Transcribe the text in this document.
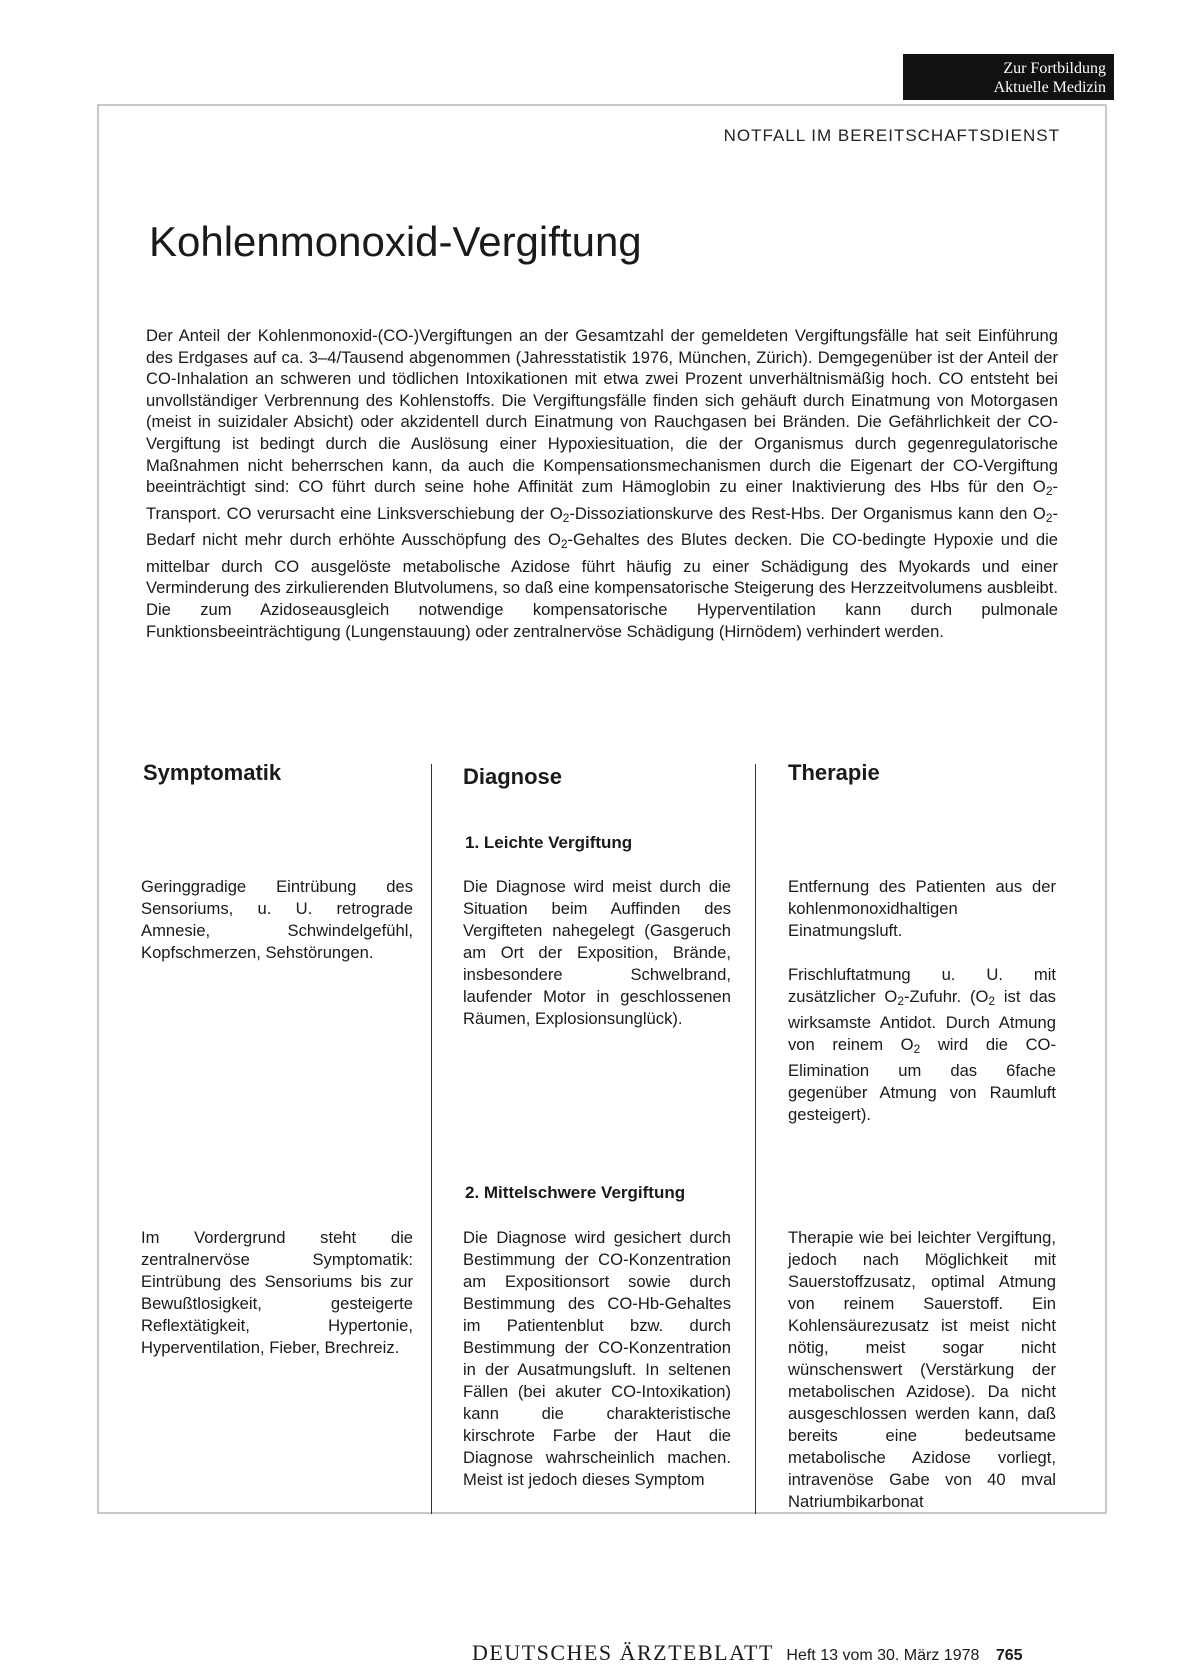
Zur Fortbildung
Aktuelle Medizin
NOTFALL IM BEREITSCHAFTSDIENST
Kohlenmonoxid-Vergiftung

Der Anteil der Kohlenmonoxid-(CO-)Vergiftungen an der Gesamtzahl der gemeldeten Vergiftungsfälle hat seit Einführung des Erdgases auf ca. 3–4/Tausend abgenommen (Jahresstatistik 1976, München, Zürich). Demgegenüber ist der Anteil der CO-Inhalation an schweren und tödlichen Intoxikationen mit etwa zwei Prozent unverhältnismäßig hoch. CO entsteht bei unvollständiger Verbrennung des Kohlenstoffs. Die Vergiftungsfälle finden sich gehäuft durch Einatmung von Motorgasen (meist in suizidaler Absicht) oder akzidentell durch Einatmung von Rauchgasen bei Bränden. Die Gefährlichkeit der CO-Vergiftung ist bedingt durch die Auslösung einer Hypoxiesituation, die der Organismus durch gegenregulatorische Maßnahmen nicht beherrschen kann, da auch die Kompensationsmechanismen durch die Eigenart der CO-Vergiftung beeinträchtigt sind: CO führt durch seine hohe Affinität zum Hämoglobin zu einer Inaktivierung des Hbs für den $O_2$-Transport. CO verursacht eine Linksverschiebung der $O_2$-Dissoziationskurve des Rest-Hbs. Der Organismus kann den $O_2$-Bedarf nicht mehr durch erhöhte Ausschöpfung des $O_2$-Gehaltes des Blutes decken. Die CO-bedingte Hypoxie und die mittelbar durch CO ausgelöste metabolische Azidose führt häufig zu einer Schädigung des Myokards und einer Verminderung des zirkulierenden Blutvolumens, so daß eine kompensatorische Steigerung des Herzzeitvolumens ausbleibt. Die zum Azidoseausgleich notwendige kompensatorische Hyperventilation kann durch pulmonale Funktionsbeeinträchtigung (Lungenstauung) oder zentralnervöse Schädigung (Hirnödem) verhindert werden.

Symptomatik	Diagnose	Therapie
1. Leichte Vergiftung

Geringgradige Eintrübung des Sensoriums, u. U. retrograde Amnesie, Schwindelgefühl, Kopfschmerzen, Sehstörungen.

Die Diagnose wird meist durch die Situation beim Auffinden des Vergifteten nahegelegt (Gasgeruch am Ort der Exposition, Brände, insbesondere Schwelbrand, laufender Motor in geschlossenen Räumen, Explosionsunglück).

Entfernung des Patienten aus der kohlenmonoxidhaltigen Einatmungsluft.

Frischluftatmung u. U. mit zusätzlicher $O_2$-Zufuhr. ($O_2$ ist das wirksamste Antidot. Durch Atmung von reinem $O_2$ wird die CO-Elimination um das 6fache gegenüber Atmung von Raumluft gesteigert).

2. Mittelschwere Vergiftung

Im Vordergrund steht die zentralnervöse Symptomatik: Eintrübung des Sensoriums bis zur Bewußtlosigkeit, gesteigerte Reflextätigkeit, Hypertonie, Hyperventilation, Fieber, Brechreiz.

Die Diagnose wird gesichert durch Bestimmung der CO-Konzentration am Expositionsort sowie durch Bestimmung des CO-Hb-Gehaltes im Patientenblut bzw. durch Bestimmung der CO-Konzentration in der Ausatmungsluft. In seltenen Fällen (bei akuter CO-Intoxikation) kann die charakteristische kirschrote Farbe der Haut die Diagnose wahrscheinlich machen. Meist ist jedoch dieses Symptom

Therapie wie bei leichter Vergiftung, jedoch nach Möglichkeit mit Sauerstoffzusatz, optimal Atmung von reinem Sauerstoff. Ein Kohlensäurezusatz ist meist nicht nötig, meist sogar nicht wünschenswert (Verstärkung der metabolischen Azidose). Da nicht ausgeschlossen werden kann, daß bereits eine bedeutsame metabolische Azidose vorliegt, intravenöse Gabe von 40 mval Natriumbikarbonat

DEUTSCHES ÄRZTEBLATT Heft 13 vom 30. März 1978 765
